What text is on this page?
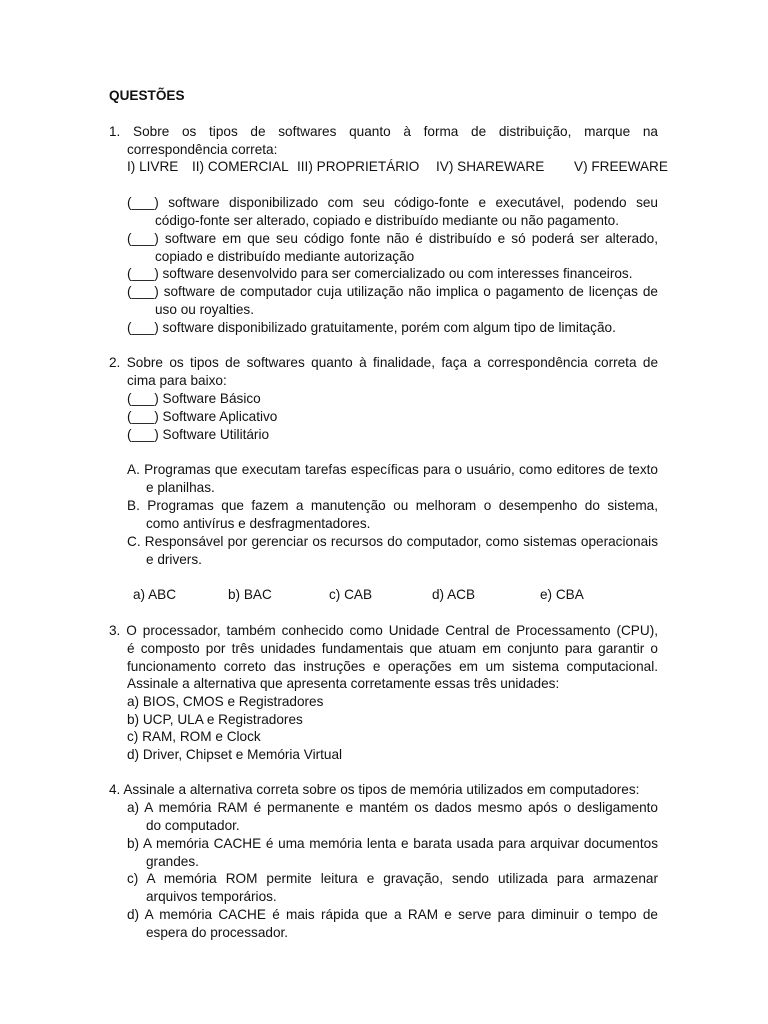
QUESTÕES
1. Sobre os tipos de softwares quanto à forma de distribuição, marque na
correspondência correta:
I) LIVRE II) COMERCIAL III) PROPRIETÁRIO IV) SHAREWARE V) FREEWARE
(___) software disponibilizado com seu código-fonte e executável, podendo seu
código-fonte ser alterado, copiado e distribuído mediante ou não pagamento.
(___) software em que seu código fonte não é distribuído e só poderá ser alterado,
copiado e distribuído mediante autorização
(___) software desenvolvido para ser comercializado ou com interesses financeiros.
(___) software de computador cuja utilização não implica o pagamento de licenças de
uso ou royalties.
(___) software disponibilizado gratuitamente, porém com algum tipo de limitação.
2. Sobre os tipos de softwares quanto à finalidade, faça a correspondência correta de
cima para baixo:
(___) Software Básico
(___) Software Aplicativo
(___) Software Utilitário
A. Programas que executam tarefas específicas para o usuário, como editores de texto
e planilhas.
B. Programas que fazem a manutenção ou melhoram o desempenho do sistema,
como antivírus e desfragmentadores.
C. Responsável por gerenciar os recursos do computador, como sistemas operacionais
e drivers.
a) ABC	b) BAC	c) CAB	d) ACB	e) CBA
3. O processador, também conhecido como Unidade Central de Processamento (CPU),
é composto por três unidades fundamentais que atuam em conjunto para garantir o
funcionamento correto das instruções e operações em um sistema computacional.
Assinale a alternativa que apresenta corretamente essas três unidades:
a) BIOS, CMOS e Registradores
b) UCP, ULA e Registradores
c) RAM, ROM e Clock
d) Driver, Chipset e Memória Virtual
4. Assinale a alternativa correta sobre os tipos de memória utilizados em computadores:
a) A memória RAM é permanente e mantém os dados mesmo após o desligamento
do computador.
b) A memória CACHE é uma memória lenta e barata usada para arquivar documentos
grandes.
c) A memória ROM permite leitura e gravação, sendo utilizada para armazenar
arquivos temporários.
d) A memória CACHE é mais rápida que a RAM e serve para diminuir o tempo de
espera do processador.
